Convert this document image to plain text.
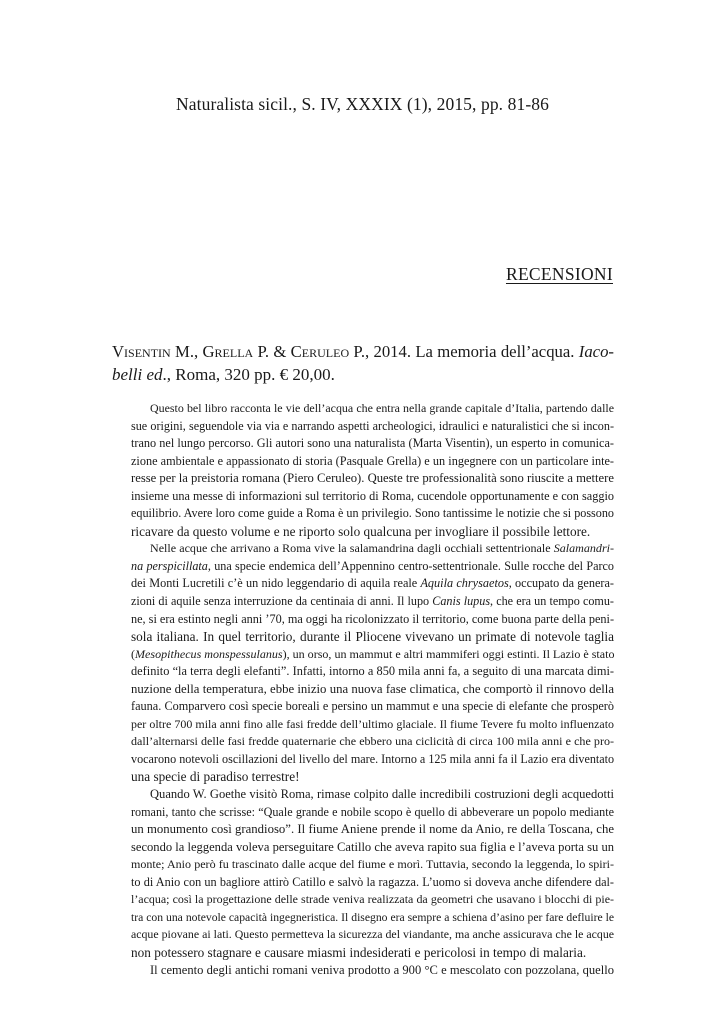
Naturalista sicil., S. IV, XXXIX (1), 2015, pp. 81-86
RECENSIONI
Visentin M., Grella P. & Ceruleo P., 2014. La memoria dell’acqua. Iaco-
belli ed., Roma, 320 pp. € 20,00.

Questo bel libro racconta le vie dell’acqua che entra nella grande capitale d’Italia, partendo dalle
sue origini, seguendole via via e narrando aspetti archeologici, idraulici e naturalistici che si incon-
trano nel lungo percorso. Gli autori sono una naturalista (Marta Visentin), un esperto in comunica-
zione ambientale e appassionato di storia (Pasquale Grella) e un ingegnere con un particolare inte-
resse per la preistoria romana (Piero Ceruleo). Queste tre professionalità sono riuscite a mettere
insieme una messe di informazioni sul territorio di Roma, cucendole opportunamente e con saggio
equilibrio. Avere loro come guide a Roma è un privilegio. Sono tantissime le notizie che si possono
ricavare da questo volume e ne riporto solo qualcuna per invogliare il possibile lettore.

Nelle acque che arrivano a Roma vive la salamandrina dagli occhiali settentrionale Salamandri-
na perspicillata, una specie endemica dell’Appennino centro-settentrionale. Sulle rocche del Parco
dei Monti Lucretili c’è un nido leggendario di aquila reale Aquila chrysaetos, occupato da genera-
zioni di aquile senza interruzione da centinaia di anni. Il lupo Canis lupus, che era un tempo comu-
ne, si era estinto negli anni ’70, ma oggi ha ricolonizzato il territorio, come buona parte della peni-
sola italiana. In quel territorio, durante il Pliocene vivevano un primate di notevole taglia
(Mesopithecus monspessulanus), un orso, un mammut e altri mammiferi oggi estinti. Il Lazio è stato
definito “la terra degli elefanti”. Infatti, intorno a 850 mila anni fa, a seguito di una marcata dimi-
nuzione della temperatura, ebbe inizio una nuova fase climatica, che comportò il rinnovo della
fauna. Comparvero così specie boreali e persino un mammut e una specie di elefante che prosperò
per oltre 700 mila anni fino alle fasi fredde dell’ultimo glaciale. Il fiume Tevere fu molto influenzato
dall’alternarsi delle fasi fredde quaternarie che ebbero una ciclicità di circa 100 mila anni e che pro-
vocarono notevoli oscillazioni del livello del mare. Intorno a 125 mila anni fa il Lazio era diventato
una specie di paradiso terrestre!

Quando W. Goethe visitò Roma, rimase colpito dalle incredibili costruzioni degli acquedotti
romani, tanto che scrisse: “Quale grande e nobile scopo è quello di abbeverare un popolo mediante
un monumento così grandioso”. Il fiume Aniene prende il nome da Anio, re della Toscana, che
secondo la leggenda voleva perseguitare Catillo che aveva rapito sua figlia e l’aveva porta su un
monte; Anio però fu trascinato dalle acque del fiume e morì. Tuttavia, secondo la leggenda, lo spiri-
to di Anio con un bagliore attirò Catillo e salvò la ragazza. L’uomo si doveva anche difendere dal-
l’acqua; così la progettazione delle strade veniva realizzata da geometri che usavano i blocchi di pie-
tra con una notevole capacità ingegneristica. Il disegno era sempre a schiena d’asino per fare defluire le
acque piovane ai lati. Questo permetteva la sicurezza del viandante, ma anche assicurava che le acque
non potessero stagnare e causare miasmi indesiderati e pericolosi in tempo di malaria.

Il cemento degli antichi romani veniva prodotto a 900 °C e mescolato con pozzolana, quello
